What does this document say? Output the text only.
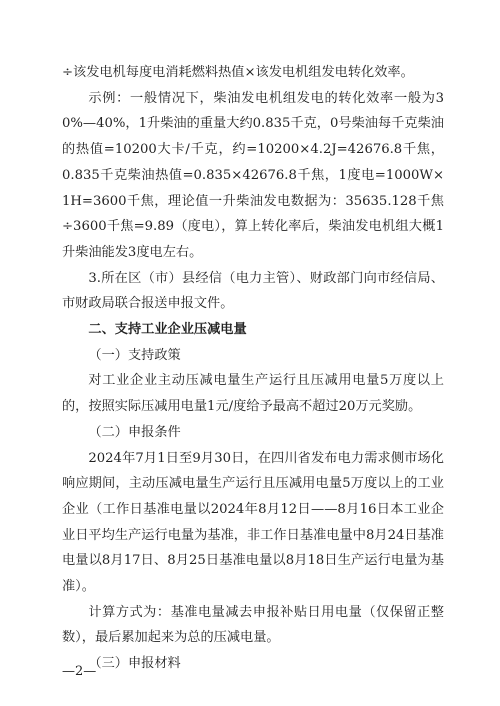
÷该发电机每度电消耗燃料热值×该发电机组发电转化效率。

示例：一般情况下，柴油发电机组发电的转化效率一般为30%—40%，1升柴油的重量大约0.835千克，0号柴油每千克柴油的热值=10200大卡/千克，约=10200×4.2J=42676.8千焦，0.835千克柴油热值=0.835×42676.8千焦，1度电=1000W×1H=3600千焦，理论值一升柴油发电数据为：35635.128千焦÷3600千焦=9.89（度电），算上转化率后，柴油发电机组大概1升柴油能发3度电左右。

3.所在区（市）县经信（电力主管）、财政部门向市经信局、市财政局联合报送申报文件。

二、支持工业企业压减电量

（一）支持政策

对工业企业主动压减电量生产运行且压减用电量5万度以上的，按照实际压减用电量1元/度给予最高不超过20万元奖励。

（二）申报条件

2024年7月1日至9月30日，在四川省发布电力需求侧市场化响应期间，主动压减电量生产运行且压减用电量5万度以上的工业企业（工作日基准电量以2024年8月12日——8月16日本工业企业日平均生产运行电量为基准，非工作日基准电量中8月24日基准电量以8月17日、8月25日基准电量以8月18日生产运行电量为基准）。

计算方式为：基准电量减去申报补贴日用电量（仅保留正整数），最后累加起来为总的压减电量。

（三）申报材料

—2—
